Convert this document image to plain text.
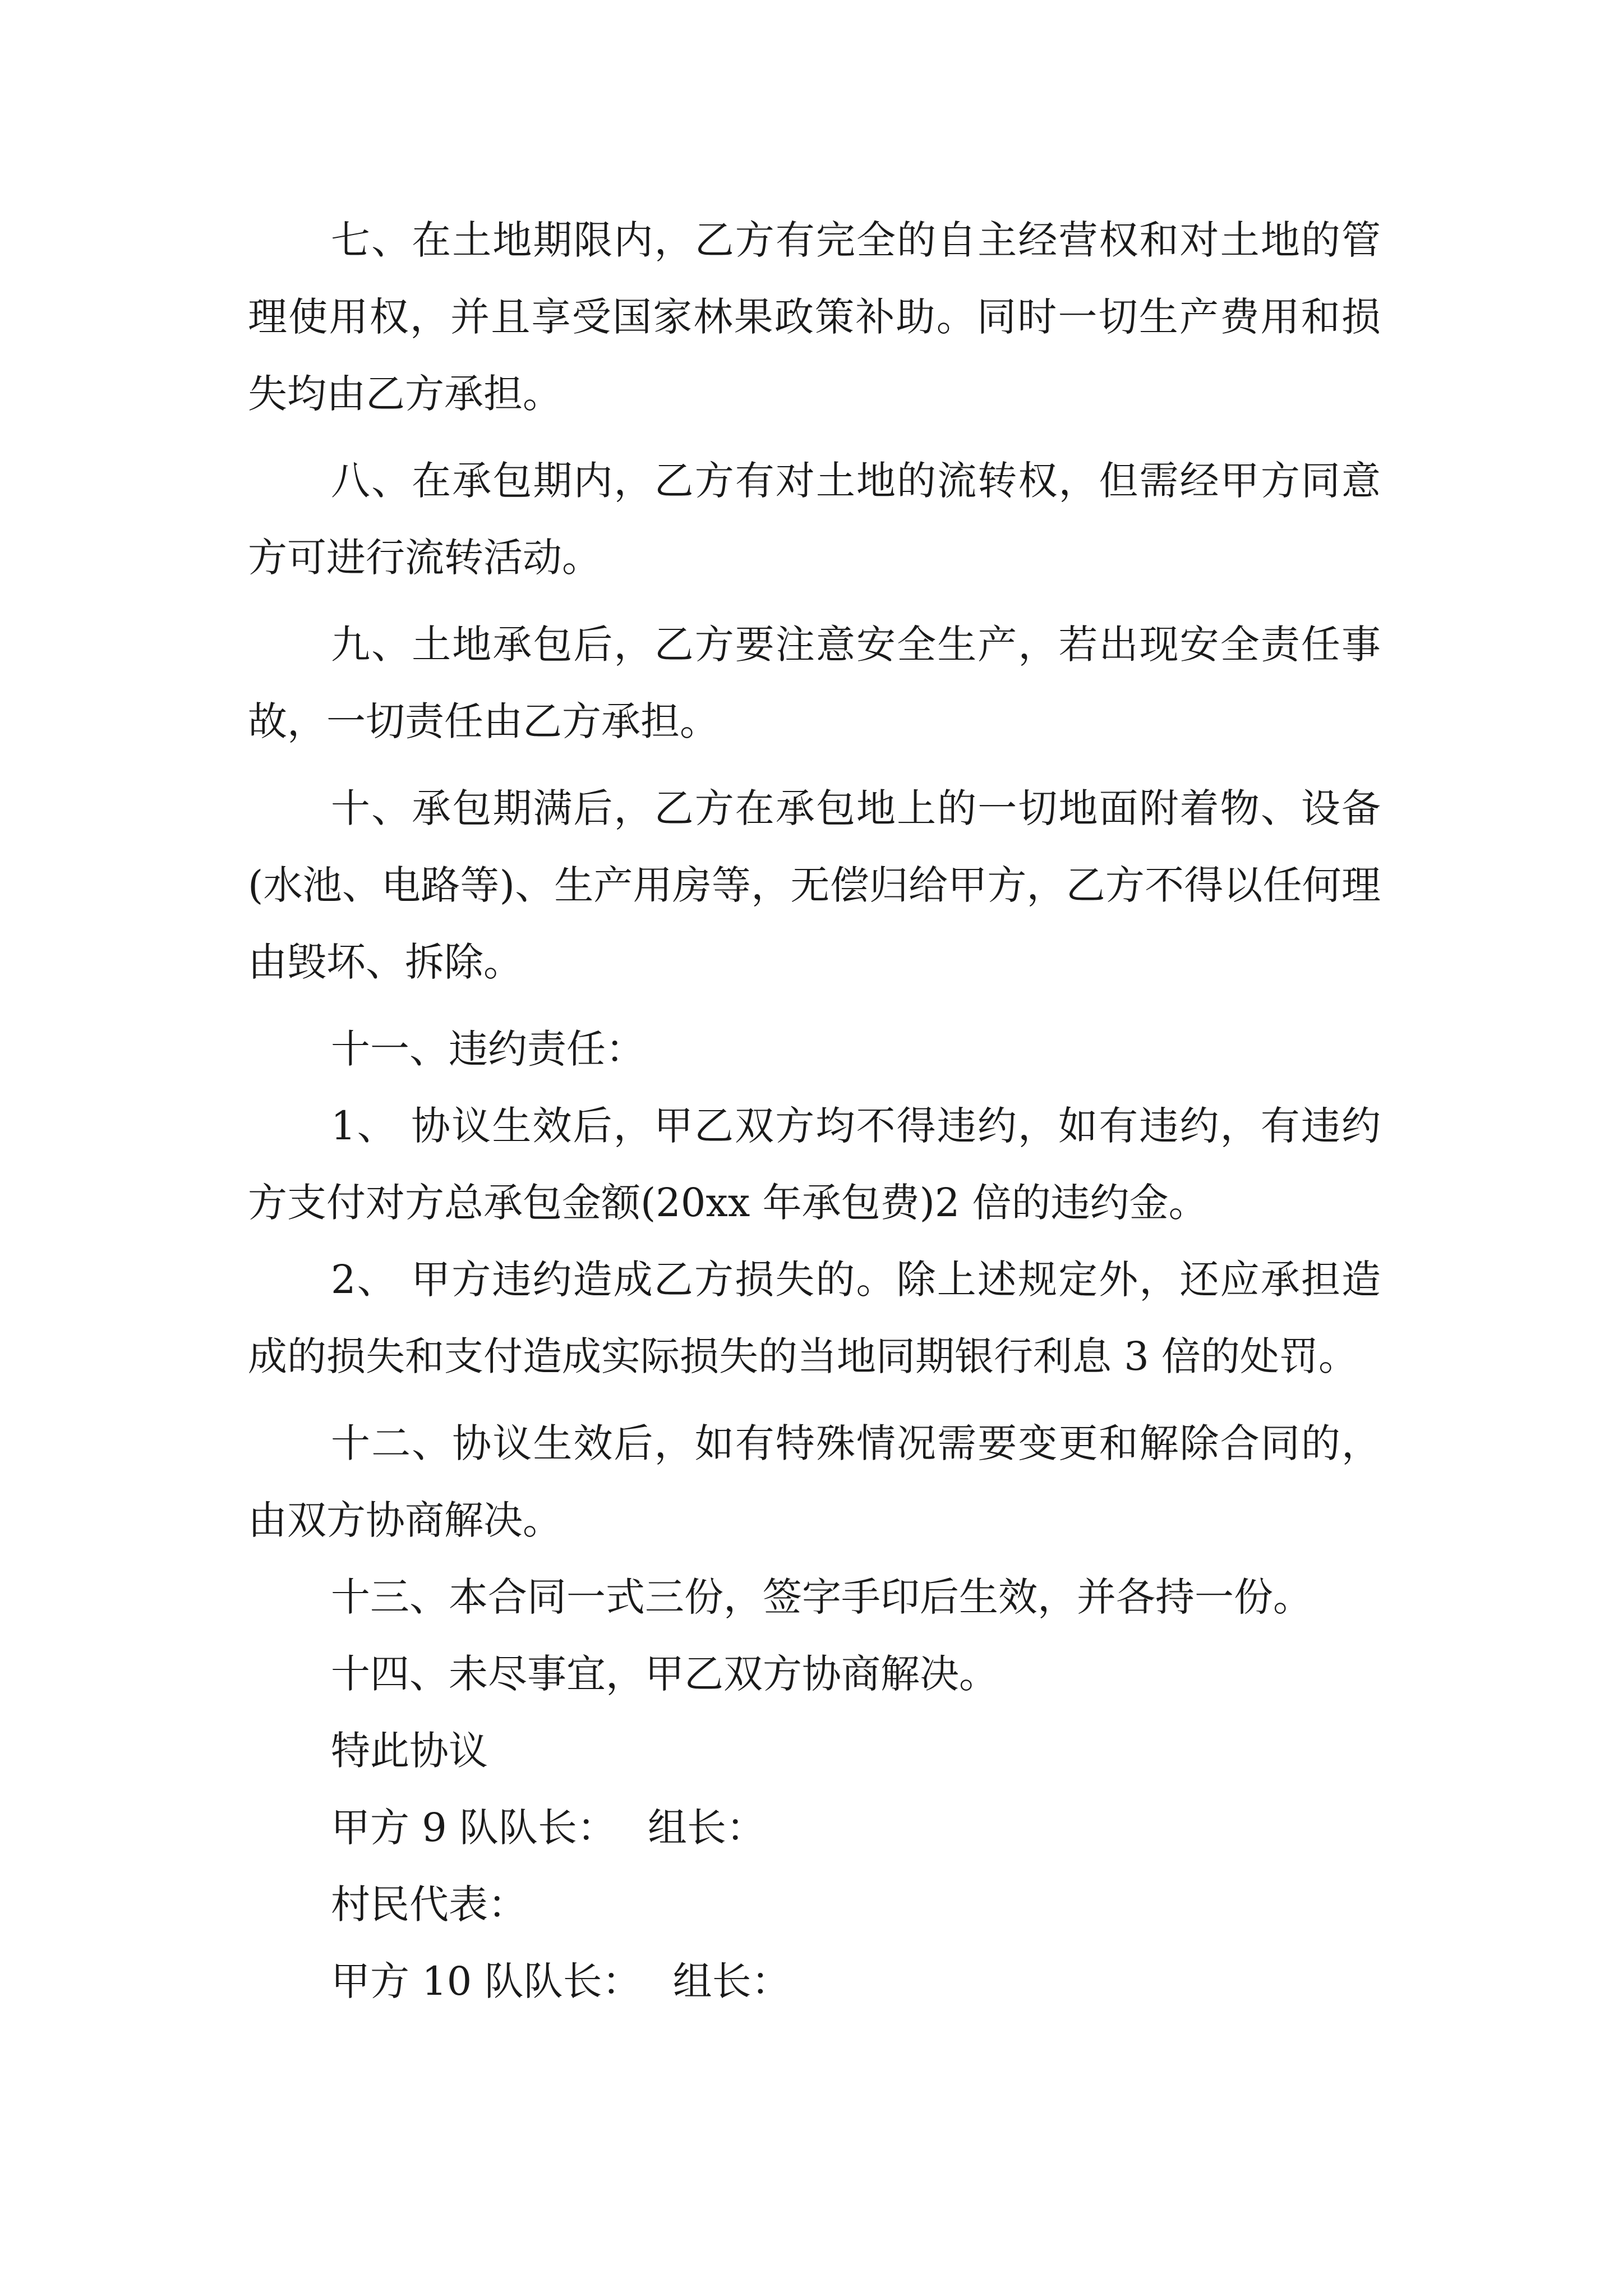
七、在土地期限内，乙方有完全的自主经营权和对土地的管理使用权，并且享受国家林果政策补助。同时一切生产费用和损失均由乙方承担。

八、在承包期内，乙方有对土地的流转权，但需经甲方同意方可进行流转活动。

九、土地承包后，乙方要注意安全生产，若出现安全责任事故，一切责任由乙方承担。

十、承包期满后，乙方在承包地上的一切地面附着物、设备(水池、电路等)、生产用房等，无偿归给甲方，乙方不得以任何理由毁坏、拆除。

十一、违约责任：

1、 协议生效后，甲乙双方均不得违约，如有违约，有违约方支付对方总承包金额(20xx 年承包费)2 倍的违约金。

2、 甲方违约造成乙方损失的。除上述规定外，还应承担造成的损失和支付造成实际损失的当地同期银行利息 3 倍的处罚。

十二、协议生效后，如有特殊情况需要变更和解除合同的，由双方协商解决。

十三、本合同一式三份，签字手印后生效，并各持一份。

十四、未尽事宜，甲乙双方协商解决。

特此协议

甲方 9 队队长： 组长：

村民代表：

甲方 10 队队长： 组长：
